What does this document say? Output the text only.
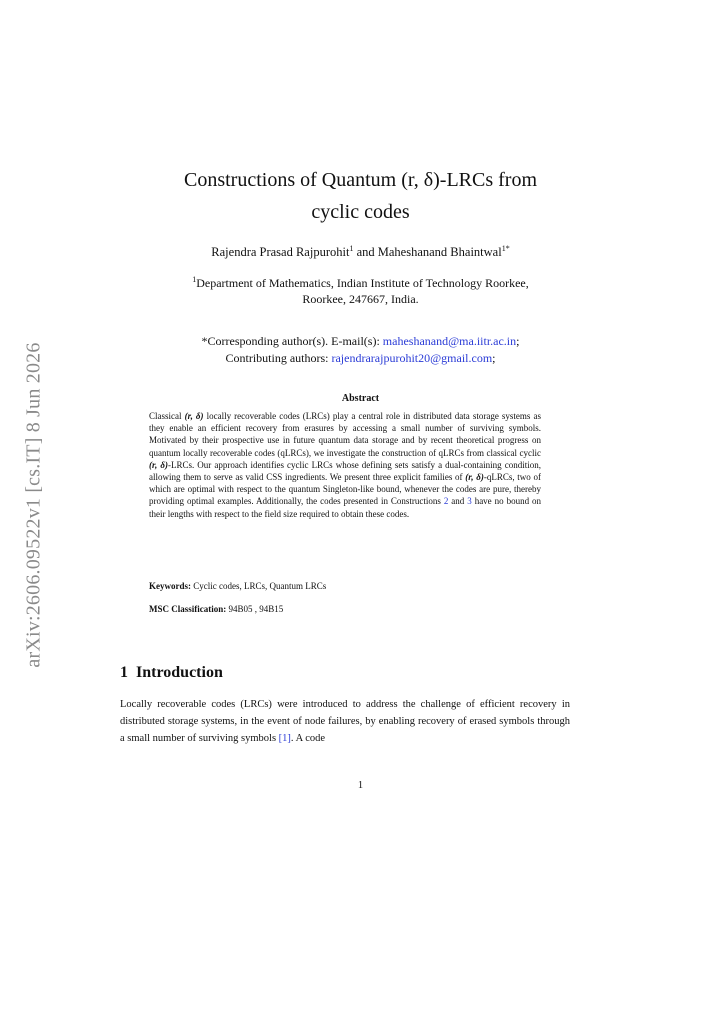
arXiv:2606.09522v1 [cs.IT] 8 Jun 2026
Constructions of Quantum (r, δ)-LRCs from
cyclic codes
Rajendra Prasad Rajpurohit$^1$ and Maheshanand Bhaintwal$^{1*}$
$^1$Department of Mathematics, Indian Institute of Technology Roorkee,
Roorkee, 247667, India.
*Corresponding author(s). E-mail(s): maheshanand@ma.iitr.ac.in;
Contributing authors: rajendrarajpurohit20@gmail.com;
Abstract
Classical (r, δ) locally recoverable codes (LRCs) play a central role in distributed data storage systems as they enable an efficient recovery from erasures by accessing a small number of surviving symbols. Motivated by their prospective use in future quantum data storage and by recent theoretical progress on quantum locally recoverable codes (qLRCs), we investigate the construction of qLRCs from classical cyclic (r, δ)-LRCs. Our approach identifies cyclic LRCs whose defining sets satisfy a dual-containing condition, allowing them to serve as valid CSS ingredients. We present three explicit families of (r, δ)-qLRCs, two of which are optimal with respect to the quantum Singleton-like bound, whenever the codes are pure, thereby providing optimal examples. Additionally, the codes presented in Constructions 2 and 3 have no bound on their lengths with respect to the field size required to obtain these codes.
Keywords: Cyclic codes, LRCs, Quantum LRCs
MSC Classification: 94B05 , 94B15
1  Introduction
Locally recoverable codes (LRCs) were introduced to address the challenge of efficient recovery in distributed storage systems, in the event of node failures, by enabling recovery of erased symbols through a small number of surviving symbols [1]. A code
1
